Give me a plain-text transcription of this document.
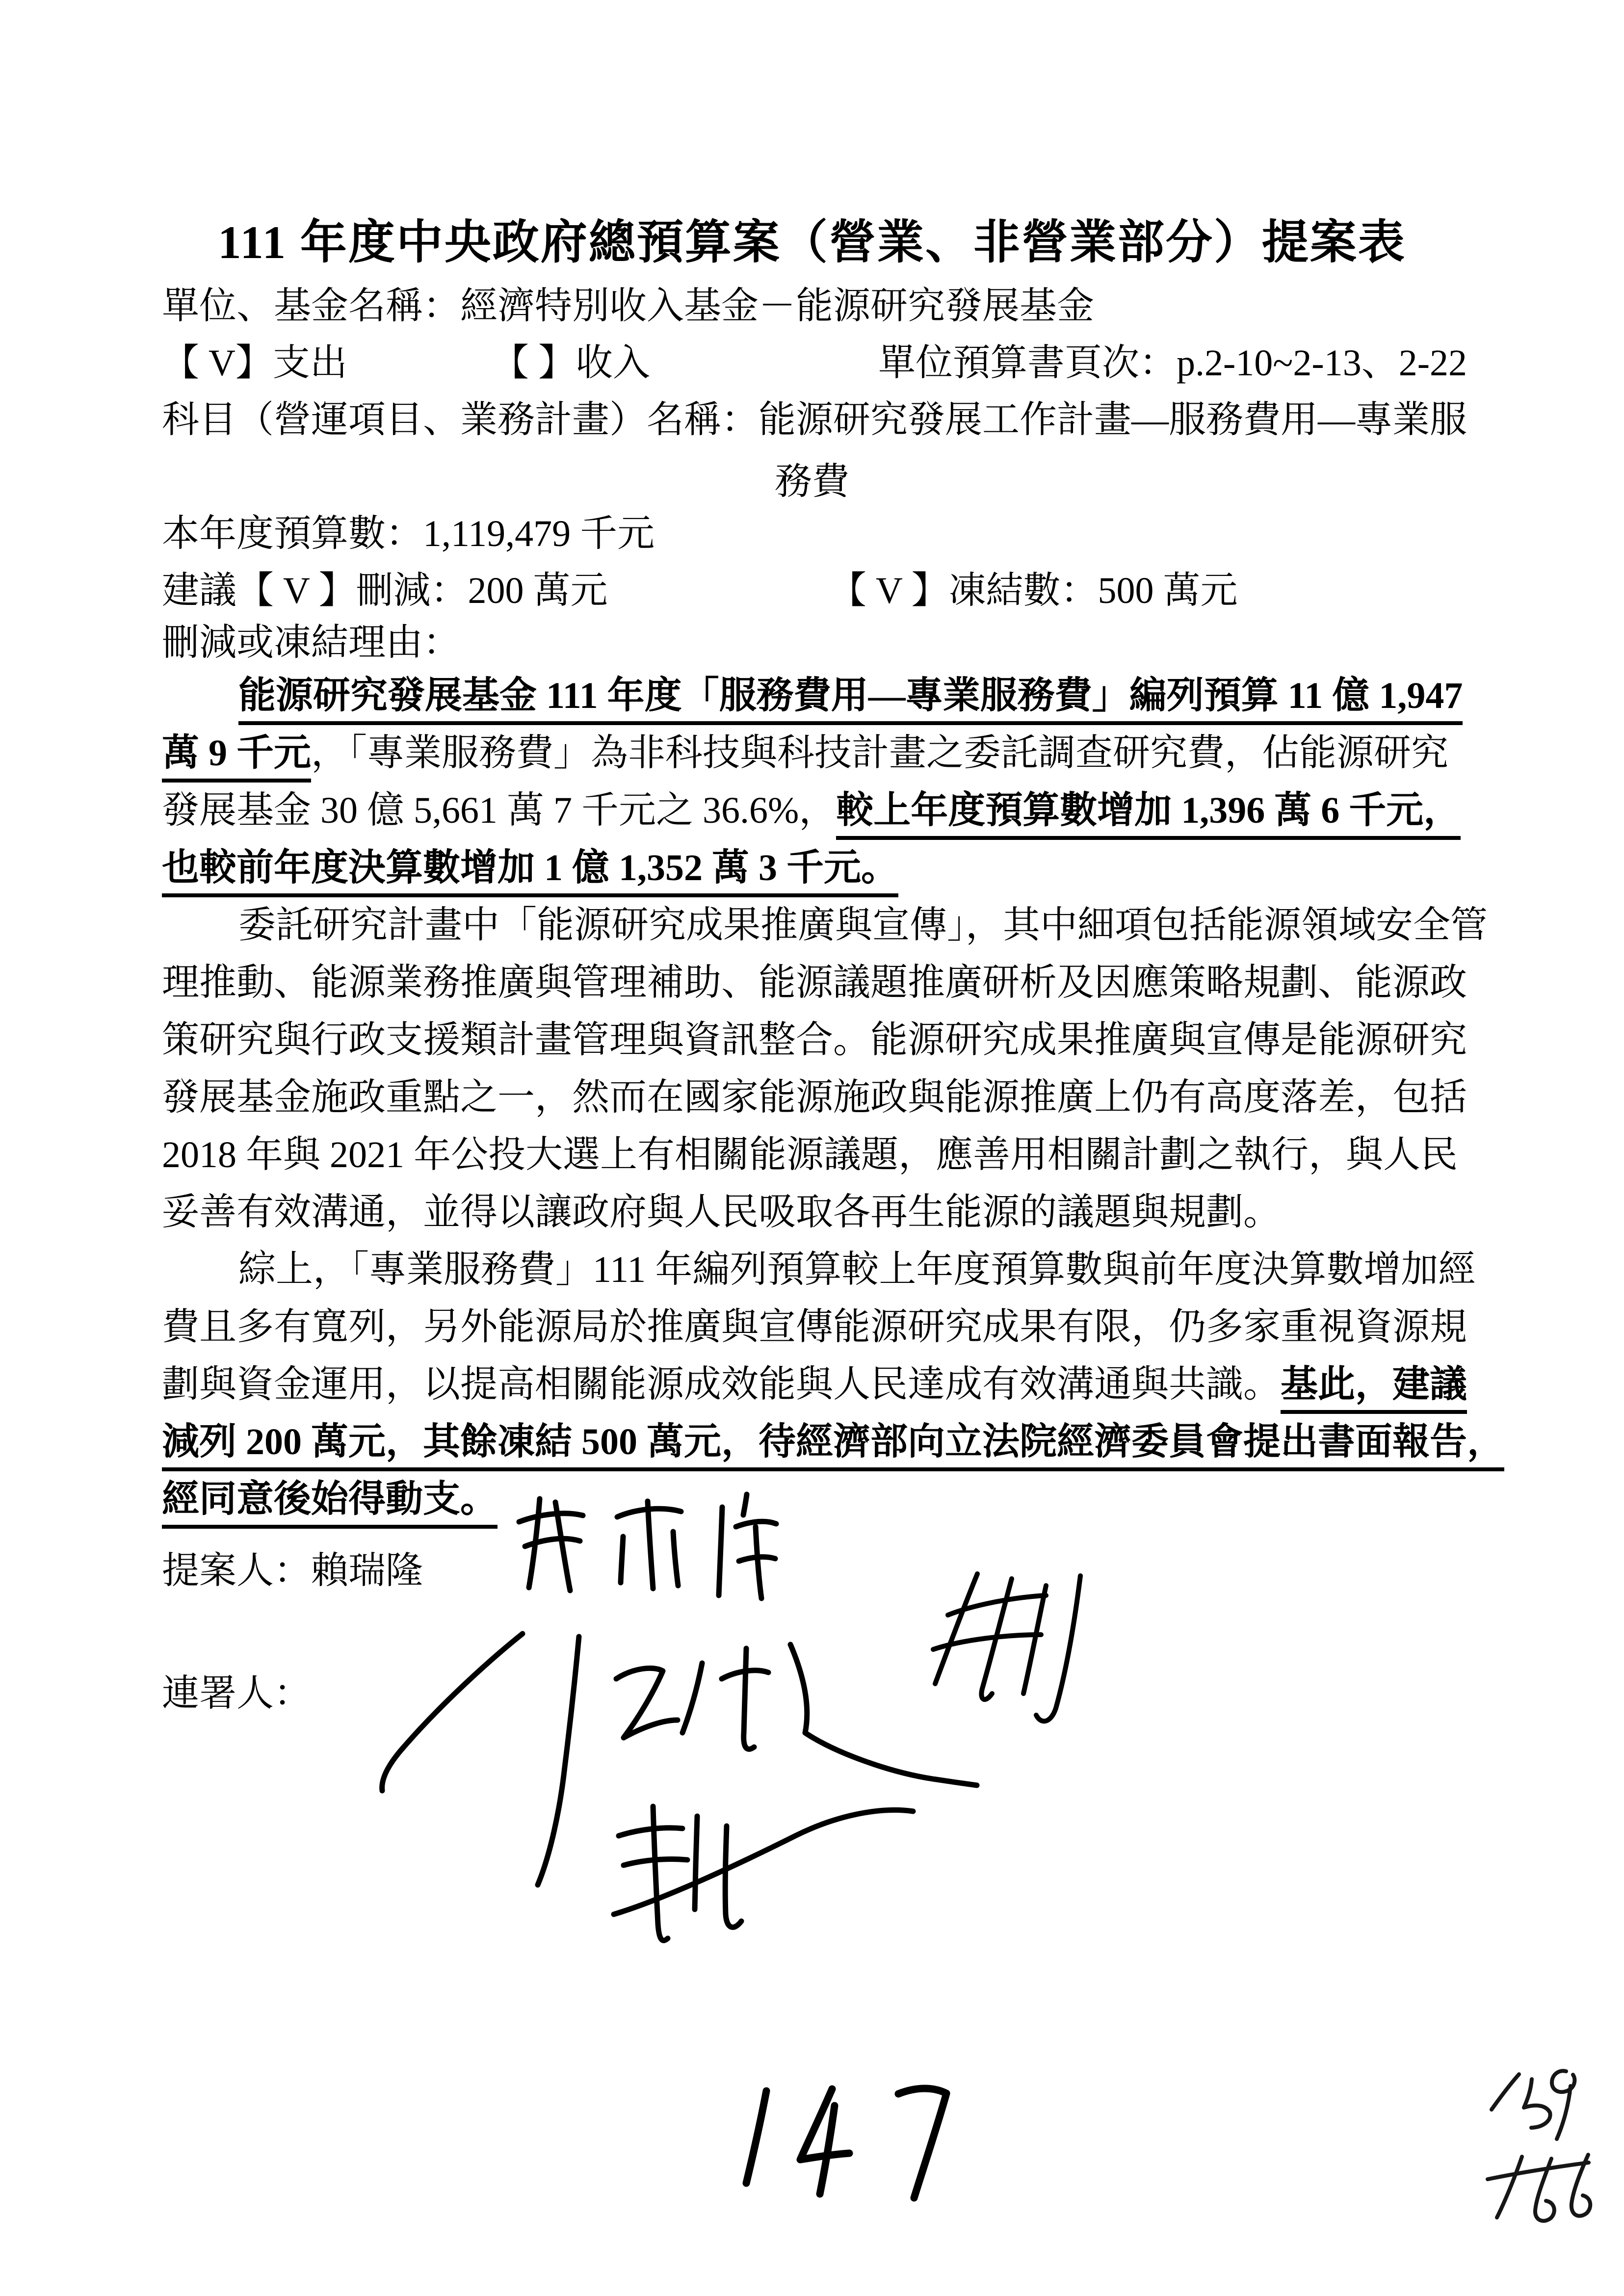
111 年度中央政府總預算案（營業、非營業部分）提案表
單位、基金名稱：經濟特別收入基金－能源研究發展基金
【 V】支出	【 】收入	單位預算書頁次：p.2-10~2-13、2-22
科目（營運項目、業務計畫）名稱：能源研究發展工作計畫—服務費用—專業服
務費
本年度預算數：1,119,479 千元
建議【 V 】刪減：200 萬元	【 V 】凍結數：500 萬元
刪減或凍結理由：
能源研究發展基金 111 年度「服務費用—專業服務費」編列預算 11 億 1,947
萬 9 千元，「專業服務費」為非科技與科技計畫之委託調查研究費，佔能源研究
發展基金 30 億 5,661 萬 7 千元之 36.6%，較上年度預算數增加 1,396 萬 6 千元，
也較前年度決算數增加 1 億 1,352 萬 3 千元。
委託研究計畫中「能源研究成果推廣與宣傳」，其中細項包括能源領域安全管
理推動、能源業務推廣與管理補助、能源議題推廣研析及因應策略規劃、能源政
策研究與行政支援類計畫管理與資訊整合。能源研究成果推廣與宣傳是能源研究
發展基金施政重點之一，然而在國家能源施政與能源推廣上仍有高度落差，包括
2018 年與 2021 年公投大選上有相關能源議題，應善用相關計劃之執行，與人民
妥善有效溝通，並得以讓政府與人民吸取各再生能源的議題與規劃。
綜上，「專業服務費」111 年編列預算較上年度預算數與前年度決算數增加經
費且多有寬列，另外能源局於推廣與宣傳能源研究成果有限，仍多家重視資源規
劃與資金運用，以提高相關能源成效能與人民達成有效溝通與共識。基此，建議
減列 200 萬元，其餘凍結 500 萬元，待經濟部向立法院經濟委員會提出書面報告，
經同意後始得動支。
提案人：賴瑞隆
連署人：
